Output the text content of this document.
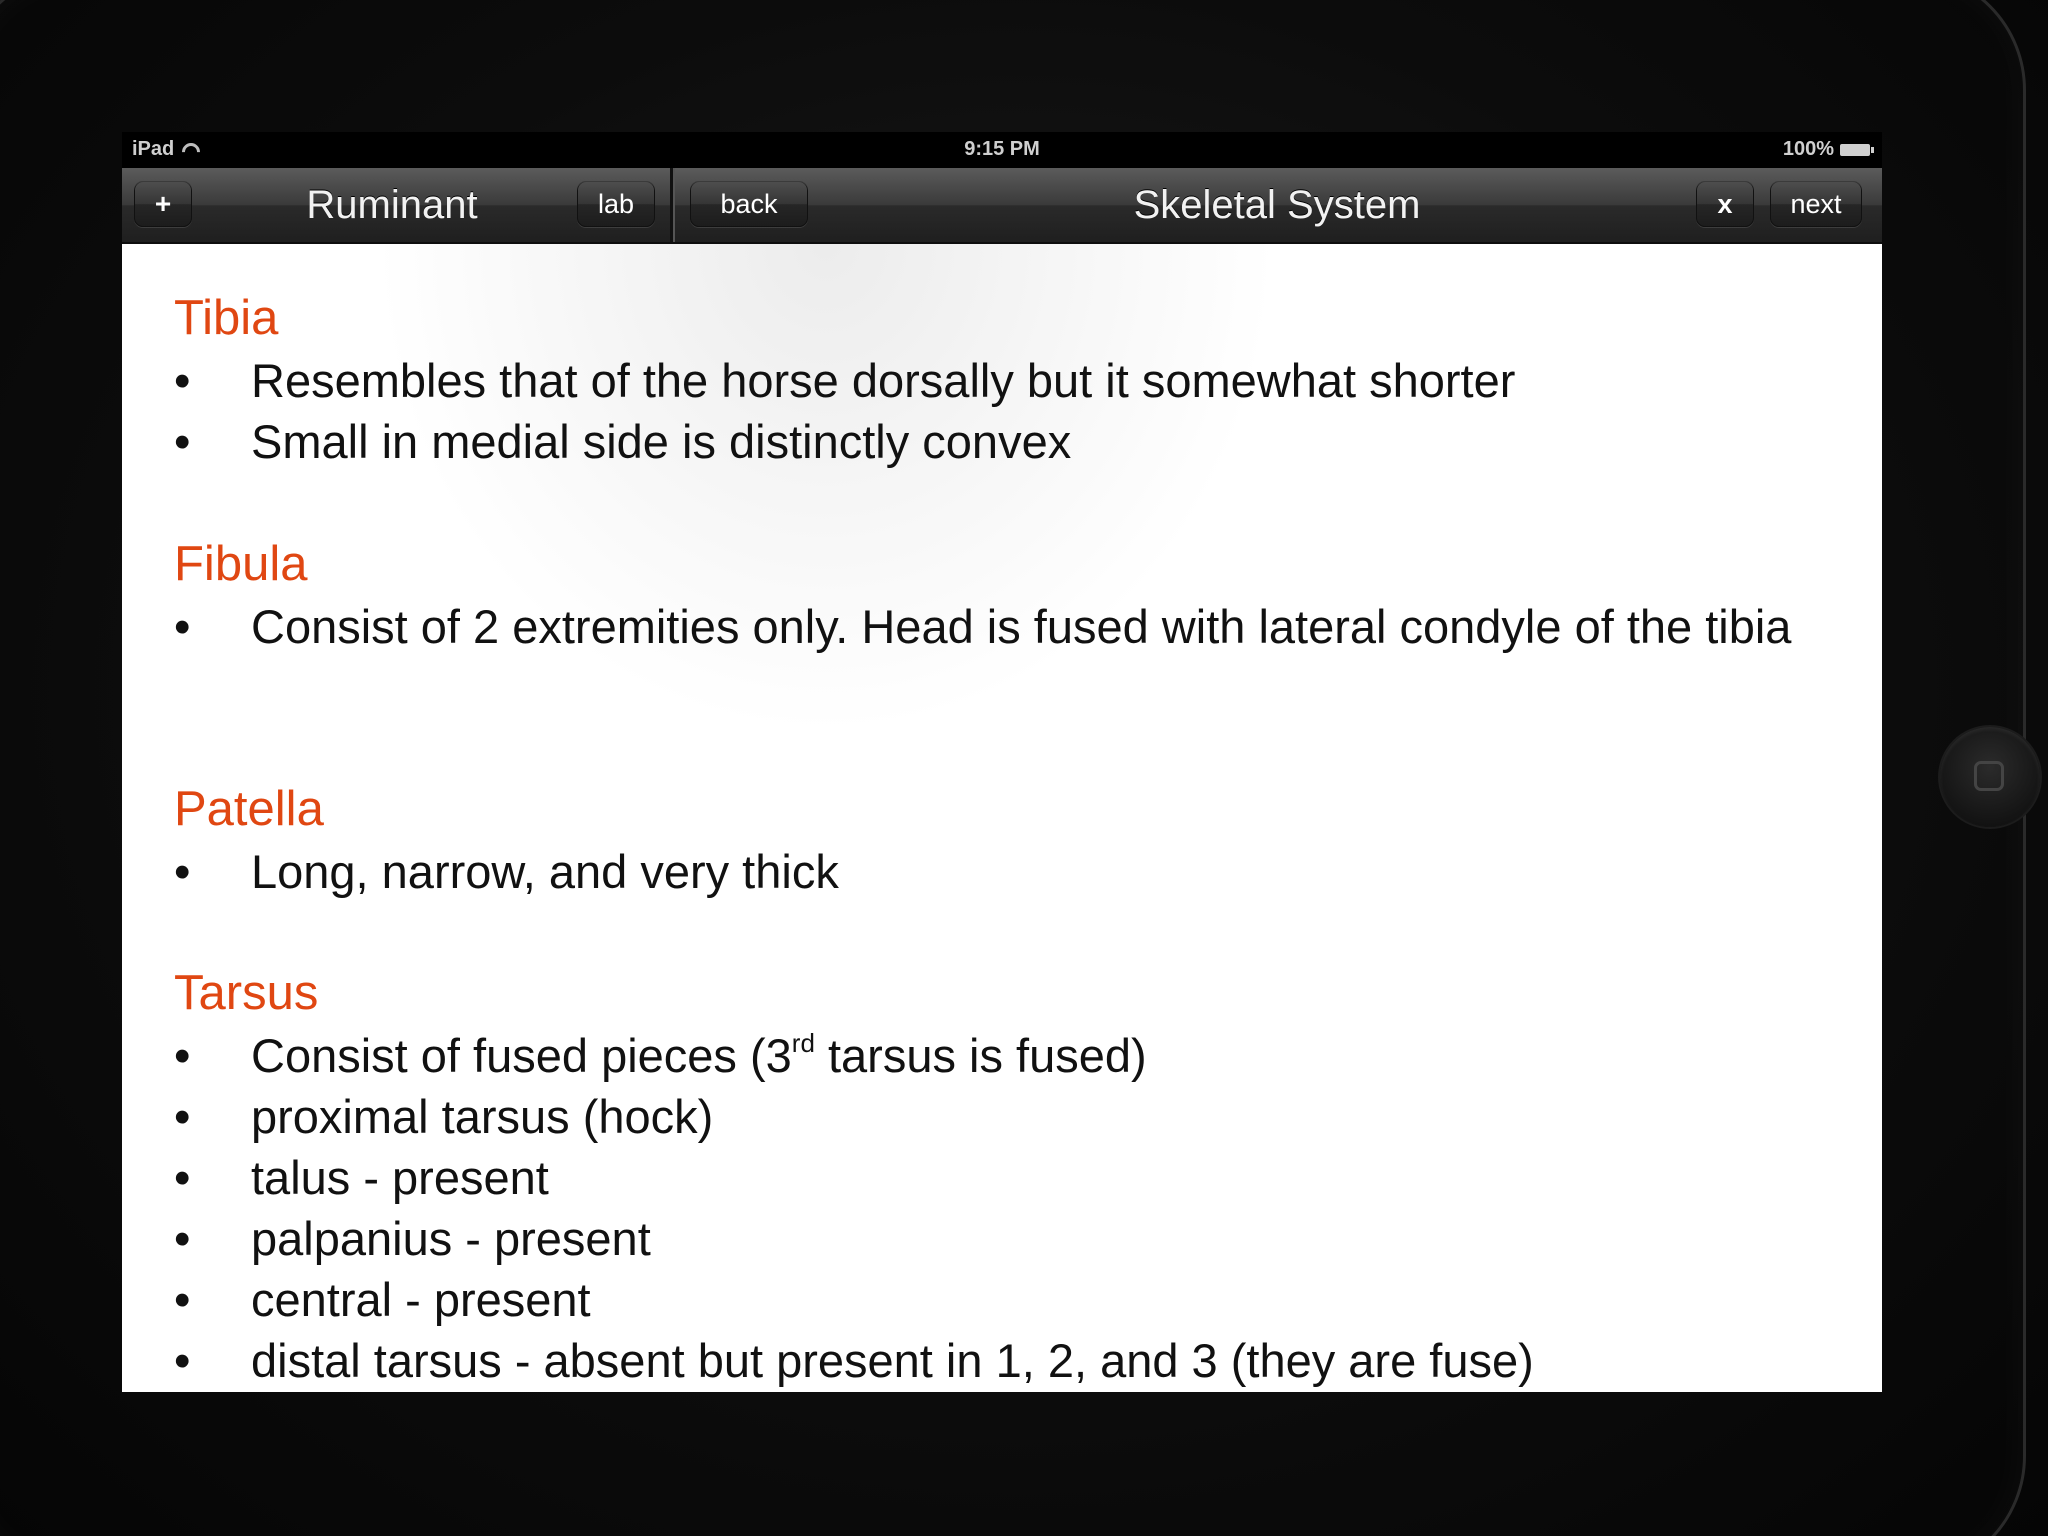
iPad	9:15 PM	100%
+	Ruminant	lab	back	Skeletal System	x	next
Tibia
• Resembles that of the horse dorsally but it somewhat shorter
• Small in medial side is distinctly convex
Fibula
• Consist of 2 extremities only. Head is fused with lateral condyle of the tibia
Patella
• Long, narrow, and very thick
Tarsus
• Consist of fused pieces (3rd tarsus is fused)
• proximal tarsus (hock)
• talus - present
• palpanius - present
• central - present
• distal tarsus - absent but present in 1, 2, and 3 (they are fuse)
